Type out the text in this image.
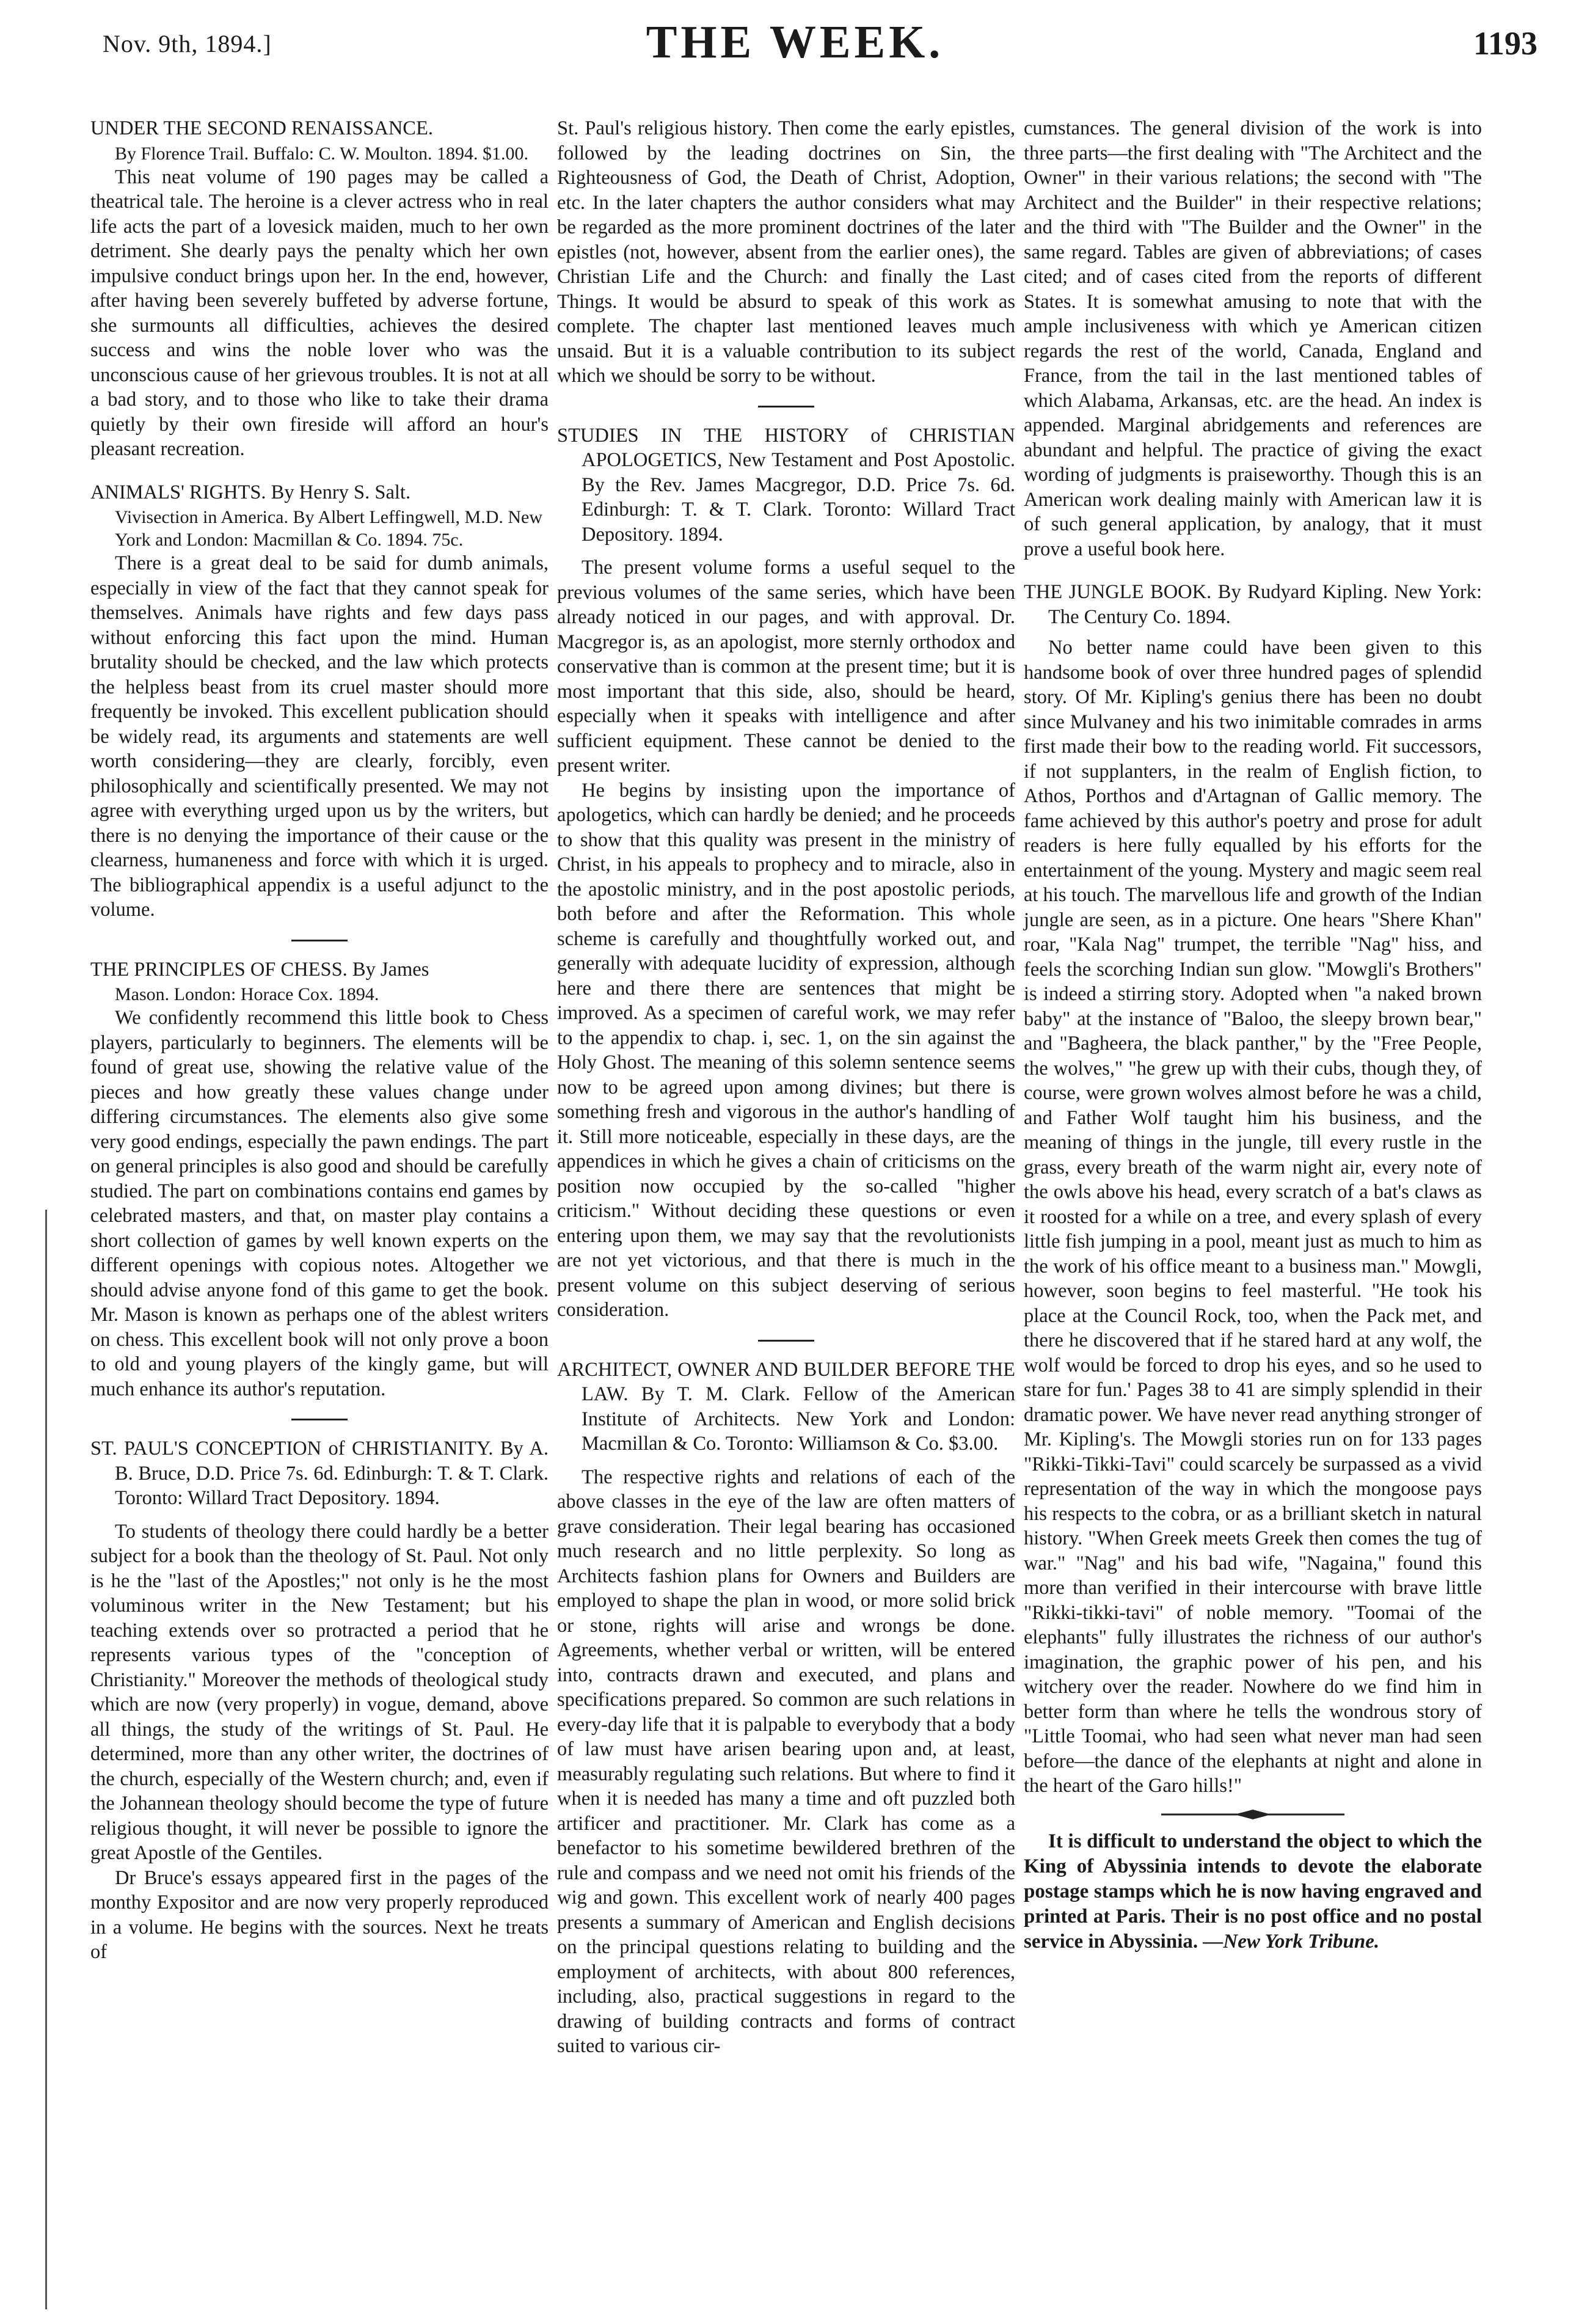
Nov. 9th, 1894.]	THE WEEK.	1193
UNDER THE SECOND RENAISSANCE.
By Florence Trail. Buffalo: C. W. Moulton. 1894. $1.00.

This neat volume of 190 pages may be called a theatrical tale. The heroine is a clever actress who in real life acts the part of a lovesick maiden, much to her own detriment. She dearly pays the penalty which her own impulsive conduct brings upon her. In the end, however, after having been severely buffeted by adverse fortune, she surmounts all difficulties, achieves the desired success and wins the noble lover who was the unconscious cause of her grievous troubles. It is not at all a bad story, and to those who like to take their drama quietly by their own fireside will afford an hour's pleasant recreation.

ANIMALS' RIGHTS. By Henry S. Salt.
Vivisection in America. By Albert Leffingwell, M.D. New York and London: Macmillan & Co. 1894. 75c.

There is a great deal to be said for dumb animals, especially in view of the fact that they cannot speak for themselves. Animals have rights and few days pass without enforcing this fact upon the mind. Human brutality should be checked, and the law which protects the helpless beast from its cruel master should more frequently be invoked. This excellent publication should be widely read, its arguments and statements are well worth considering—they are clearly, forcibly, even philosophically and scientifically presented. We may not agree with everything urged upon us by the writers, but there is no denying the importance of their cause or the clearness, humaneness and force with which it is urged. The bibliographical appendix is a useful adjunct to the volume.

THE PRINCIPLES OF CHESS. By James
Mason. London: Horace Cox. 1894.

We confidently recommend this little book to Chess players, particularly to beginners. The elements will be found of great use, showing the relative value of the pieces and how greatly these values change under differing circumstances. The elements also give some very good endings, especially the pawn endings. The part on general principles is also good and should be carefully studied. The part on combinations contains end games by celebrated masters, and that, on master play contains a short collection of games by well known experts on the different openings with copious notes. Altogether we should advise anyone fond of this game to get the book. Mr. Mason is known as perhaps one of the ablest writers on chess. This excellent book will not only prove a boon to old and young players of the kingly game, but will much enhance its author's reputation.

ST. PAUL'S CONCEPTION of CHRISTIANITY. By A. B. Bruce, D.D. Price 7s. 6d. Edinburgh: T. & T. Clark. Toronto: Willard Tract Depository. 1894.

To students of theology there could hardly be a better subject for a book than the theology of St. Paul. Not only is he the "last of the Apostles;" not only is he the most voluminous writer in the New Testament; but his teaching extends over so protracted a period that he represents various types of the "conception of Christianity." Moreover the methods of theological study which are now (very properly) in vogue, demand, above all things, the study of the writings of St. Paul. He determined, more than any other writer, the doctrines of the church, especially of the Western church; and, even if the Johannean theology should become the type of future religious thought, it will never be possible to ignore the great Apostle of the Gentiles.

Dr Bruce's essays appeared first in the pages of the monthy Expositor and are now very properly reproduced in a volume. He begins with the sources. Next he treats of

St. Paul's religious history. Then come the early epistles, followed by the leading doctrines on Sin, the Righteousness of God, the Death of Christ, Adoption, etc. In the later chapters the author considers what may be regarded as the more prominent doctrines of the later epistles (not, however, absent from the earlier ones), the Christian Life and the Church: and finally the Last Things. It would be absurd to speak of this work as complete. The chapter last mentioned leaves much unsaid. But it is a valuable contribution to its subject which we should be sorry to be without.

STUDIES IN THE HISTORY of CHRISTIAN APOLOGETICS, New Testament and Post Apostolic. By the Rev. James Macgregor, D.D. Price 7s. 6d. Edinburgh: T. & T. Clark. Toronto: Willard Tract Depository. 1894.

The present volume forms a useful sequel to the previous volumes of the same series, which have been already noticed in our pages, and with approval. Dr. Macgregor is, as an apologist, more sternly orthodox and conservative than is common at the present time; but it is most important that this side, also, should be heard, especially when it speaks with intelligence and after sufficient equipment. These cannot be denied to the present writer.

He begins by insisting upon the importance of apologetics, which can hardly be denied; and he proceeds to show that this quality was present in the ministry of Christ, in his appeals to prophecy and to miracle, also in the apostolic ministry, and in the post apostolic periods, both before and after the Reformation. This whole scheme is carefully and thoughtfully worked out, and generally with adequate lucidity of expression, although here and there there are sentences that might be improved. As a specimen of careful work, we may refer to the appendix to chap. i, sec. 1, on the sin against the Holy Ghost. The meaning of this solemn sentence seems now to be agreed upon among divines; but there is something fresh and vigorous in the author's handling of it. Still more noticeable, especially in these days, are the appendices in which he gives a chain of criticisms on the position now occupied by the so-called "higher criticism." Without deciding these questions or even entering upon them, we may say that the revolutionists are not yet victorious, and that there is much in the present volume on this subject deserving of serious consideration.

ARCHITECT, OWNER AND BUILDER BEFORE THE LAW. By T. M. Clark. Fellow of the American Institute of Architects. New York and London: Macmillan & Co. Toronto: Williamson & Co. $3.00.

The respective rights and relations of each of the above classes in the eye of the law are often matters of grave consideration. Their legal bearing has occasioned much research and no little perplexity. So long as Architects fashion plans for Owners and Builders are employed to shape the plan in wood, or more solid brick or stone, rights will arise and wrongs be done. Agreements, whether verbal or written, will be entered into, contracts drawn and executed, and plans and specifications prepared. So common are such relations in every-day life that it is palpable to everybody that a body of law must have arisen bearing upon and, at least, measurably regulating such relations. But where to find it when it is needed has many a time and oft puzzled both artificer and practitioner. Mr. Clark has come as a benefactor to his sometime bewildered brethren of the rule and compass and we need not omit his friends of the wig and gown. This excellent work of nearly 400 pages presents a summary of American and English decisions on the principal questions relating to building and the employment of architects, with about 800 references, including, also, practical suggestions in regard to the drawing of building contracts and forms of contract suited to various cir-

cumstances. The general division of the work is into three parts—the first dealing with "The Architect and the Owner" in their various relations; the second with "The Architect and the Builder" in their respective relations; and the third with "The Builder and the Owner" in the same regard. Tables are given of abbreviations; of cases cited; and of cases cited from the reports of different States. It is somewhat amusing to note that with the ample inclusiveness with which ye American citizen regards the rest of the world, Canada, England and France, from the tail in the last mentioned tables of which Alabama, Arkansas, etc. are the head. An index is appended. Marginal abridgements and references are abundant and helpful. The practice of giving the exact wording of judgments is praiseworthy. Though this is an American work dealing mainly with American law it is of such general application, by analogy, that it must prove a useful book here.

THE JUNGLE BOOK. By Rudyard Kipling. New York: The Century Co. 1894.

No better name could have been given to this handsome book of over three hundred pages of splendid story. Of Mr. Kipling's genius there has been no doubt since Mulvaney and his two inimitable comrades in arms first made their bow to the reading world. Fit successors, if not supplanters, in the realm of English fiction, to Athos, Porthos and d'Artagnan of Gallic memory. The fame achieved by this author's poetry and prose for adult readers is here fully equalled by his efforts for the entertainment of the young. Mystery and magic seem real at his touch. The marvellous life and growth of the Indian jungle are seen, as in a picture. One hears "Shere Khan" roar, "Kala Nag" trumpet, the terrible "Nag" hiss, and feels the scorching Indian sun glow. "Mowgli's Brothers" is indeed a stirring story. Adopted when "a naked brown baby" at the instance of "Baloo, the sleepy brown bear," and "Bagheera, the black panther," by the "Free People, the wolves," "he grew up with their cubs, though they, of course, were grown wolves almost before he was a child, and Father Wolf taught him his business, and the meaning of things in the jungle, till every rustle in the grass, every breath of the warm night air, every note of the owls above his head, every scratch of a bat's claws as it roosted for a while on a tree, and every splash of every little fish jumping in a pool, meant just as much to him as the work of his office meant to a business man." Mowgli, however, soon begins to feel masterful. "He took his place at the Council Rock, too, when the Pack met, and there he discovered that if he stared hard at any wolf, the wolf would be forced to drop his eyes, and so he used to stare for fun.' Pages 38 to 41 are simply splendid in their dramatic power. We have never read anything stronger of Mr. Kipling's. The Mowgli stories run on for 133 pages "Rikki-Tikki-Tavi" could scarcely be surpassed as a vivid representation of the way in which the mongoose pays his respects to the cobra, or as a brilliant sketch in natural history. "When Greek meets Greek then comes the tug of war." "Nag" and his bad wife, "Nagaina," found this more than verified in their intercourse with brave little "Rikki-tikki-tavi" of noble memory. "Toomai of the elephants" fully illustrates the richness of our author's imagination, the graphic power of his pen, and his witchery over the reader. Nowhere do we find him in better form than where he tells the wondrous story of "Little Toomai, who had seen what never man had seen before—the dance of the elephants at night and alone in the heart of the Garo hills!"

It is difficult to understand the object to which the King of Abyssinia intends to devote the elaborate postage stamps which he is now having engraved and printed at Paris. Their is no post office and no postal service in Abyssinia. —New York Tribune.
